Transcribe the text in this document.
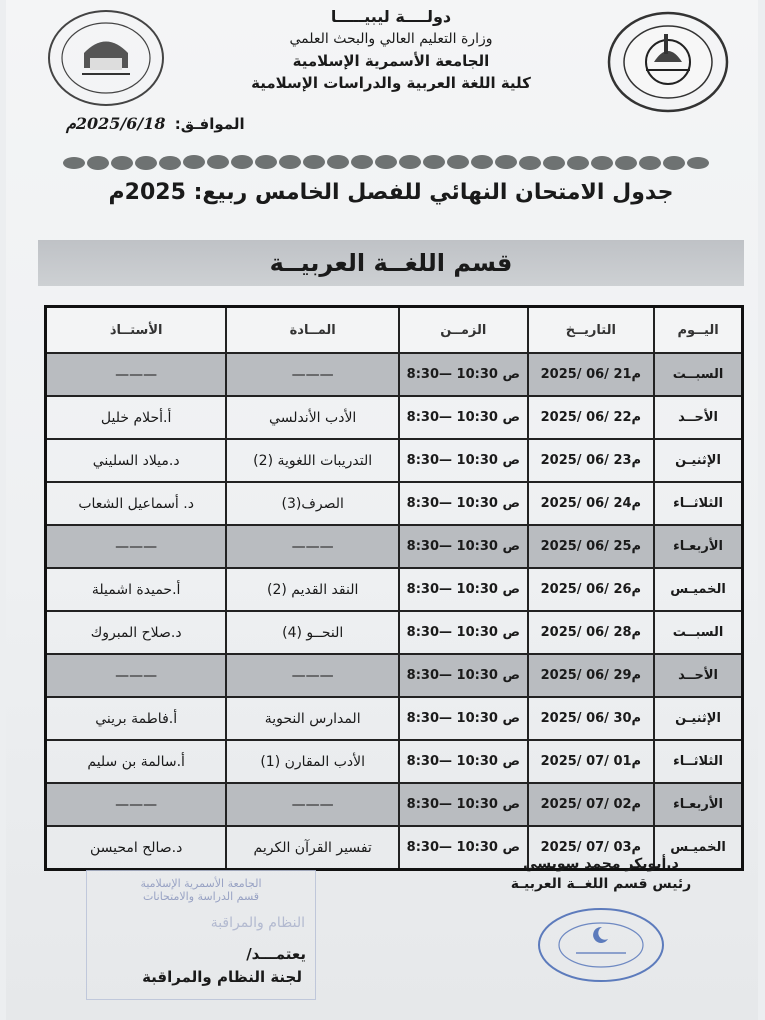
دولــــة ليبيـــــا
وزارة التعليم العالي والبحث العلمي
الجامعة الأسمرية الإسلامية
كلية اللغة العربية والدراسات الإسلامية
الموافـق: 2025/6/18م
جدول الامتحان النهائي للفصل الخامس ربيع: 2025م
قسم اللغــة العربيــة
اليــوم	التاريــخ	الزمــن	المــادة	الأستــاذ
السبــت	2025/ 06/ 21م	8:30— 10:30 ص	———	———
الأحــد	2025/ 06/ 22م	8:30— 10:30 ص	الأدب الأندلسي	أ.أحلام خليل
الإثنيـن	2025/ 06/ 23م	8:30— 10:30 ص	التدريبات اللغوية (2)	د.ميلاد السليني
الثلاثــاء	2025/ 06/ 24م	8:30— 10:30 ص	الصرف(3)	د. أسماعيل الشعاب
الأربعـاء	2025/ 06/ 25م	8:30— 10:30 ص	———	———
الخميـس	2025/ 06/ 26م	8:30— 10:30 ص	النقد القديم (2)	أ.حميدة اشميلة
السبــت	2025/ 06/ 28م	8:30— 10:30 ص	النحــو (4)	د.صلاح المبروك
الأحــد	2025/ 06/ 29م	8:30— 10:30 ص	———	———
الإثنيـن	2025/ 06/ 30م	8:30— 10:30 ص	المدارس النحوية	أ.فاطمة بريني
الثلاثــاء	2025/ 07/ 01م	8:30— 10:30 ص	الأدب المقارن (1)	أ.سالمة بن سليم
الأربعـاء	2025/ 07/ 02م	8:30— 10:30 ص	———	———
الخميـس	2025/ 07/ 03م	8:30— 10:30 ص	تفسير القرآن الكريم	د.صالح امحيسن
د.أبوبكر محمد سويسي
رئيس قسم اللغــة العربيـة
الجامعة الأسمرية الإسلامية
قسم الدراسة والامتحانات
النظام والمراقبة
يعتمـــد/
لجنة النظام والمراقبة
